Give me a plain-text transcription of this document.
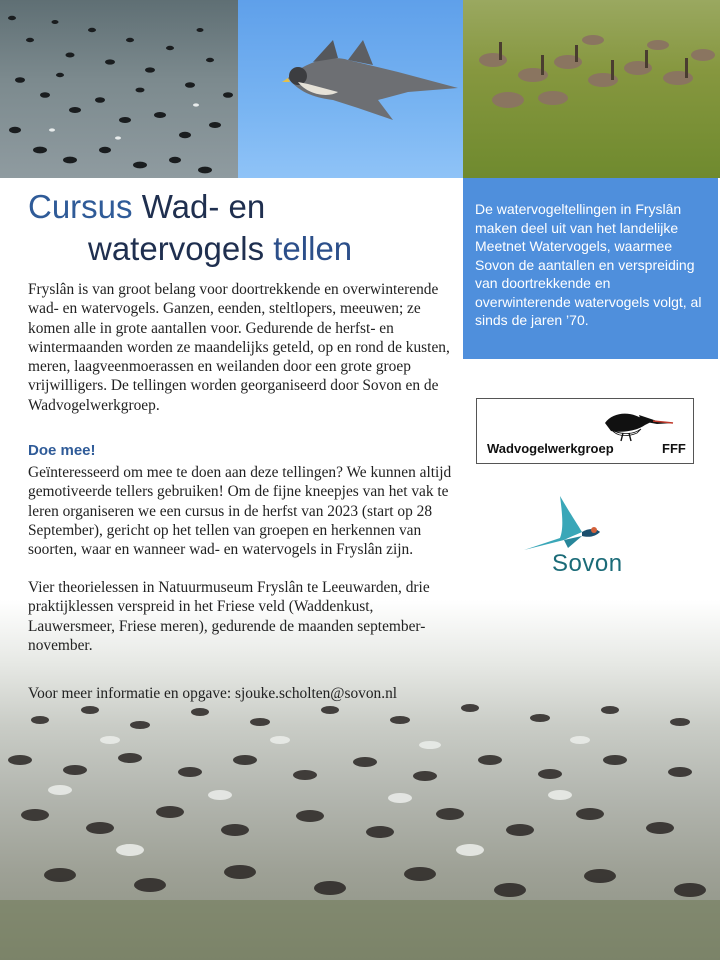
Cursus Wad- en
watervogels tellen

De watervogeltellingen in Fryslân maken deel uit van het landelijke Meetnet Watervogels, waarmee Sovon de aantallen en verspreiding van doortrekkende en overwinterende watervogels volgt, al sinds de jaren ’70.

Fryslân is van groot belang voor doortrekkende en overwinterende wad- en watervogels. Ganzen, eenden, steltlopers, meeuwen; ze komen alle in grote aantallen voor. Gedurende de herfst- en wintermaanden worden ze maandelijks geteld, op en rond de kusten, meren, laagveenmoerassen en weilanden door een grote groep vrijwilligers. De tellingen worden georganiseerd door Sovon en de Wadvogelwerkgroep.

Doe mee!

Geïnteresseerd om mee te doen aan deze tellingen? We kunnen altijd gemotiveerde tellers gebruiken! Om de fijne kneepjes van het vak te leren organiseren we een cursus in de herfst van 2023 (start op 28 September), gericht op het tellen van groepen en herkennen van soorten, waar en wanneer wad- en watervogels in Fryslân zijn.

Wadvogelwerkgroep	FFF
Sovon

Vier theorielessen in Natuurmuseum Fryslân te Leeuwarden, drie praktijklessen verspreid in het Friese veld (Waddenkust, Lauwersmeer, Friese meren), gedurende de maanden september-november.

Voor meer informatie en opgave: sjouke.scholten@sovon.nl
